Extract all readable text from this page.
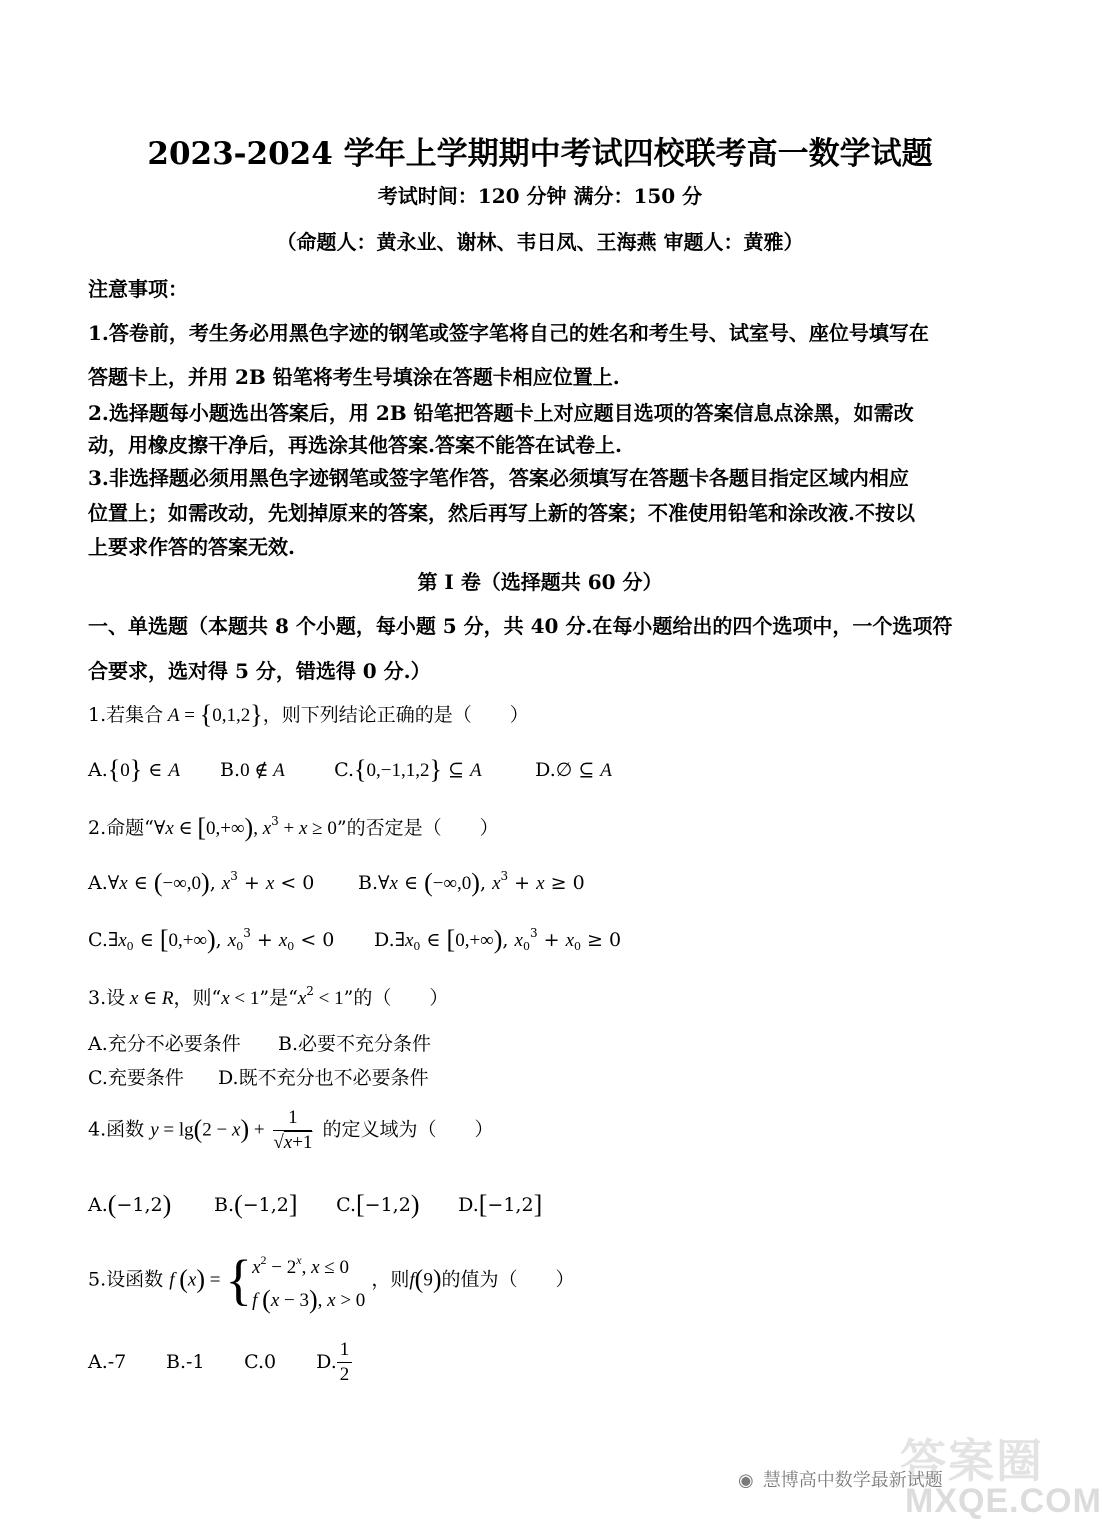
2023-2024 学年上学期期中考试四校联考高一数学试题
考试时间：120 分钟 满分：150 分
（命题人：黄永业、谢林、韦日凤、王海燕 审题人：黄雅）
注意事项：
1.答卷前，考生务必用黑色字迹的钢笔或签字笔将自己的姓名和考生号、试室号、座位号填写在
答题卡上，并用 2B 铅笔将考生号填涂在答题卡相应位置上.
2.选择题每小题选出答案后，用 2B 铅笔把答题卡上对应题目选项的答案信息点涂黑，如需改
动，用橡皮擦干净后，再选涂其他答案.答案不能答在试卷上.
3.非选择题必须用黑色字迹钢笔或签字笔作答，答案必须填写在答题卡各题目指定区域内相应
位置上；如需改动，先划掉原来的答案，然后再写上新的答案；不准使用铅笔和涂改液.不按以
上要求作答的答案无效.
第 I 卷（选择题共 60 分）
一、单选题（本题共 8 个小题，每小题 5 分，共 40 分.在每小题给出的四个选项中，一个选项符
合要求，选对得 5 分，错选得 0 分.）
1.若集合 A = {0,1,2}，则下列结论正确的是（　　）
A.{0} ∈ A B.0 ∉ A	C.{0,−1,1,2} ⊆ A	D.∅ ⊆ A
2.命题“∀x ∈ [0,+∞), $x^3 + x \ge 0$”的否定是（　　）
A.∀x ∈ (−∞,0), $x^3 + x < 0$ B.∀x ∈ (−∞,0), $x^3 + x \ge 0$
$C.\exists x_0$ ∈ [0,+∞), $x_0^3 + x_0 < 0$ $D.\exists x_0$ ∈ [0,+∞), $x_0^3 + x_0 \ge 0$
3.设 x ∈ R，则“x < 1”是“$x^2 < 1$”的（　　）
A.充分不必要条件 B.必要不充分条件
C.充要条件 D.既不充分也不必要条件
4.函数 $y = \lg(2 - x) + \frac{1}{√x+1}$ 的定义域为（　　）
A.(−1,2) B.(−1,2] C.[−1,2) D.[−1,2]
5.设函数 f (x) = { $x^2 - 2^x$, x ≤ 0
f (x − 3), x > 0
，则f(9)的值为（　　）
A.-7 B.-1 C.0 D. $\frac{1}{2}$
答案圈
◉ 慧博高中数学最新试题
MXQE.COM
